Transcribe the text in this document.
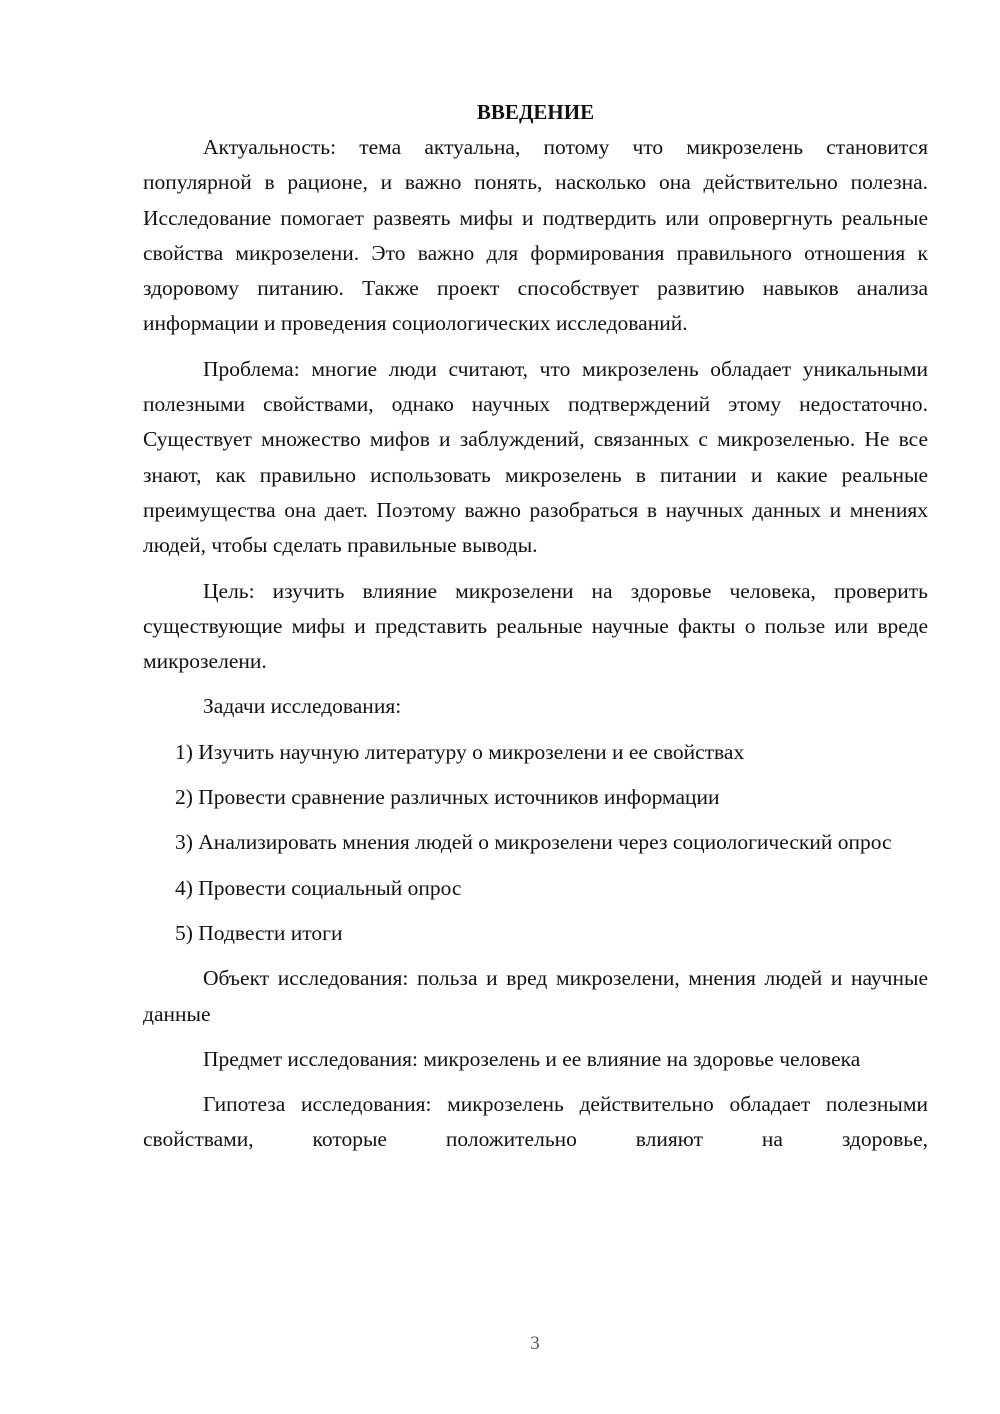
ВВЕДЕНИЕ

Актуальность: тема актуальна, потому что микрозелень становится популярной в рационе, и важно понять, насколько она действительно полезна. Исследование помогает развеять мифы и подтвердить или опровергнуть реальные свойства микрозелени. Это важно для формирования правильного отношения к здоровому питанию. Также проект способствует развитию навыков анализа информации и проведения социологических исследований.

Проблема: многие люди считают, что микрозелень обладает уникальными полезными свойствами, однако научных подтверждений этому недостаточно. Существует множество мифов и заблуждений, связанных с микрозеленью. Не все знают, как правильно использовать микрозелень в питании и какие реальные преимущества она дает. Поэтому важно разобраться в научных данных и мнениях людей, чтобы сделать правильные выводы.

Цель: изучить влияние микрозелени на здоровье человека, проверить существующие мифы и представить реальные научные факты о пользе или вреде микрозелени.

Задачи исследования:

1) Изучить научную литературу о микрозелени и ее свойствах

2) Провести сравнение различных источников информации

3) Анализировать мнения людей о микрозелени через социологический опрос

4) Провести социальный опрос

5) Подвести итоги

Объект исследования: польза и вред микрозелени, мнения людей и научные данные

Предмет исследования: микрозелень и ее влияние на здоровье человека

Гипотеза исследования: микрозелень действительно обладает полезными свойствами, которые положительно влияют на здоровье,

3
